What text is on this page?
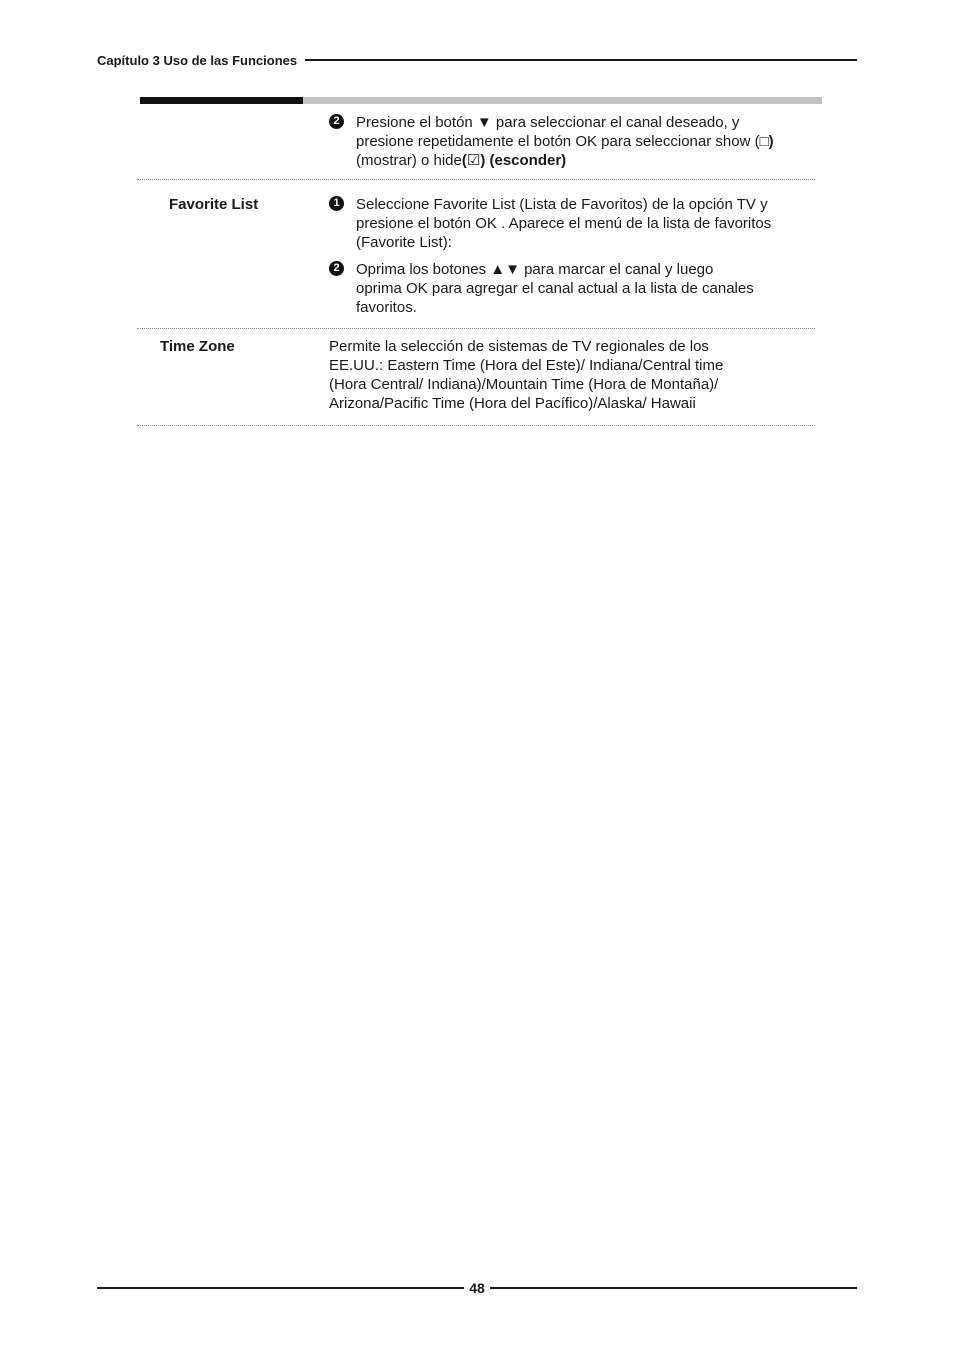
Capítulo 3 Uso de las Funciones
2 Presione el botón ▼ para seleccionar el canal deseado, y
presione repetidamente el botón OK para seleccionar show (□)
(mostrar) o hide(☑) (esconder)
Favorite List	1 Seleccione Favorite List (Lista de Favoritos) de la opción TV y
presione el botón OK . Aparece el menú de la lista de favoritos
(Favorite List):
2 Oprima los botones ▲▼ para marcar el canal y luego
oprima OK para agregar el canal actual a la lista de canales
favoritos.
Time Zone	Permite la selección de sistemas de TV regionales de los
EE.UU.: Eastern Time (Hora del Este)/ Indiana/Central time
(Hora Central/ Indiana)/Mountain Time (Hora de Montaña)/
Arizona/Pacific Time (Hora del Pacífico)/Alaska/ Hawaii
48
